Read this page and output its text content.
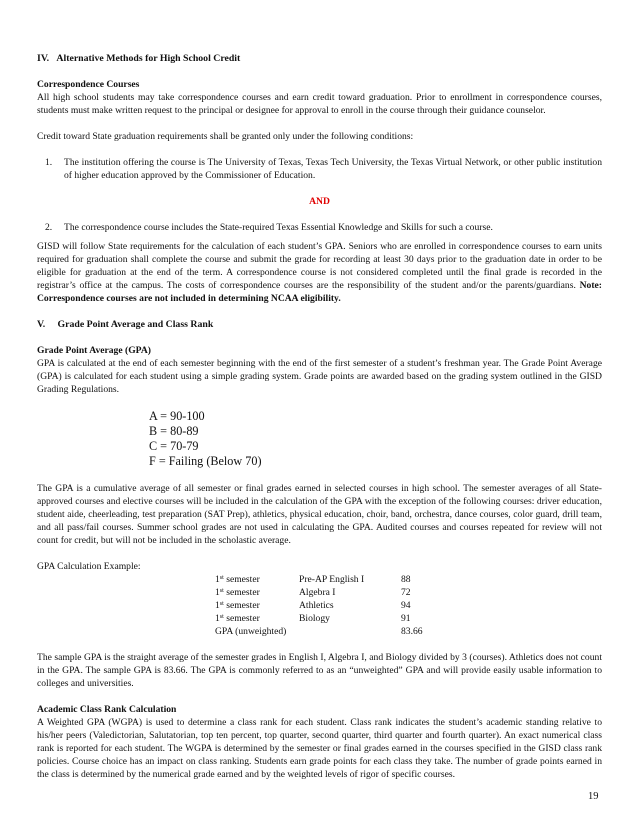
IV.   Alternative Methods for High School Credit
Correspondence Courses

All high school students may take correspondence courses and earn credit toward graduation. Prior to enrollment in correspondence courses, students must make written request to the principal or designee for approval to enroll in the course through their guidance counselor.

Credit toward State graduation requirements shall be granted only under the following conditions:

1.	The institution offering the course is The University of Texas, Texas Tech University, the Texas Virtual Network, or other public institution of higher education approved by the Commissioner of Education.

AND

2.	The correspondence course includes the State-required Texas Essential Knowledge and Skills for such a course.

GISD will follow State requirements for the calculation of each student’s GPA. Seniors who are enrolled in correspondence courses to earn units required for graduation shall complete the course and submit the grade for recording at least 30 days prior to the graduation date in order to be eligible for graduation at the end of the term. A correspondence course is not considered completed until the final grade is recorded in the registrar’s office at the campus. The costs of correspondence courses are the responsibility of the student and/or the parents/guardians. Note: Correspondence courses are not included in determining NCAA eligibility.

V.     Grade Point Average and Class Rank
Grade Point Average (GPA)

GPA is calculated at the end of each semester beginning with the end of the first semester of a student’s freshman year. The Grade Point Average (GPA) is calculated for each student using a simple grading system. Grade points are awarded based on the grading system outlined in the GISD Grading Regulations.

A = 90-100
B = 80-89
C = 70-79
F = Failing (Below 70)

The GPA is a cumulative average of all semester or final grades earned in selected courses in high school. The semester averages of all State-approved courses and elective courses will be included in the calculation of the GPA with the exception of the following courses: driver education, student aide, cheerleading, test preparation (SAT Prep), athletics, physical education, choir, band, orchestra, dance courses, color guard, drill team, and all pass/fail courses. Summer school grades are not used in calculating the GPA. Audited courses and courses repeated for review will not count for credit, but will not be included in the scholastic average.

GPA Calculation Example:
1st semester	Pre-AP English I	88
1st semester	Algebra I	72
1st semester	Athletics	94
1st semester	Biology	91
GPA (unweighted)		83.66

The sample GPA is the straight average of the semester grades in English I, Algebra I, and Biology divided by 3 (courses). Athletics does not count in the GPA. The sample GPA is 83.66. The GPA is commonly referred to as an “unweighted” GPA and will provide easily usable information to colleges and universities.

Academic Class Rank Calculation

A Weighted GPA (WGPA) is used to determine a class rank for each student. Class rank indicates the student’s academic standing relative to his/her peers (Valedictorian, Salutatorian, top ten percent, top quarter, second quarter, third quarter and fourth quarter). An exact numerical class rank is reported for each student. The WGPA is determined by the semester or final grades earned in the courses specified in the GISD class rank policies. Course choice has an impact on class ranking. Students earn grade points for each class they take. The number of grade points earned in the class is determined by the numerical grade earned and by the weighted levels of rigor of specific courses.

19
